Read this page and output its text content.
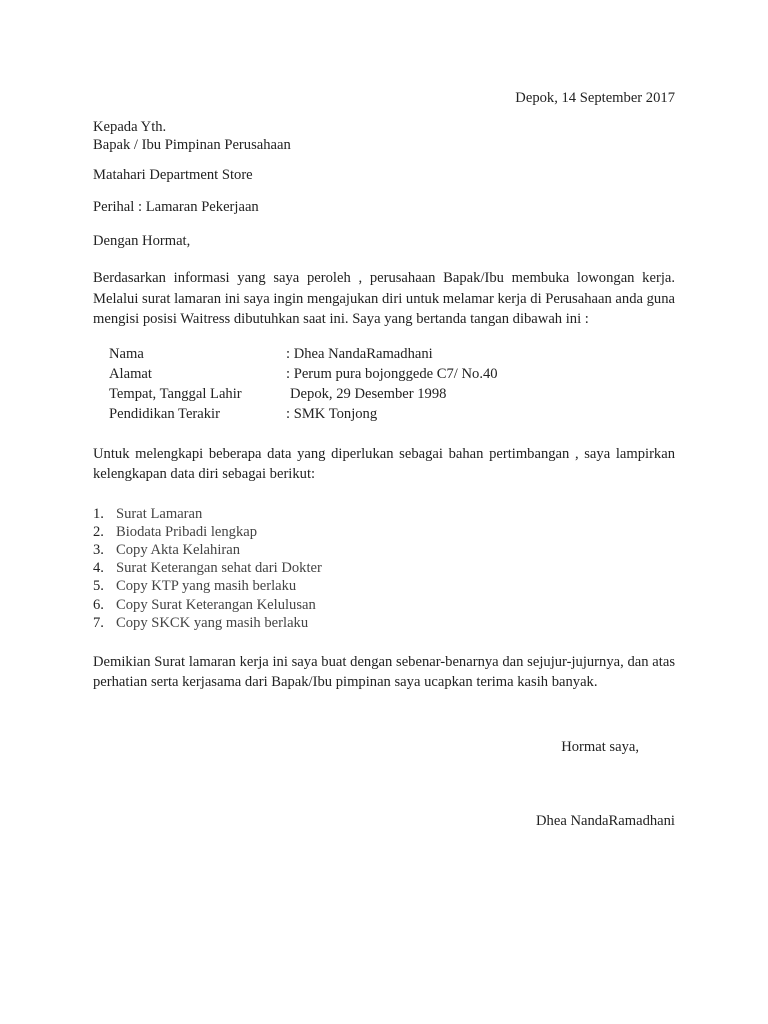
Depok, 14 September 2017

Kepada Yth.
Bapak / Ibu Pimpinan Perusahaan
Matahari Department Store
Perihal : Lamaran Pekerjaan
Dengan Hormat,

Berdasarkan informasi yang saya peroleh , perusahaan Bapak/Ibu membuka lowongan kerja. Melalui surat lamaran ini saya ingin mengajukan diri untuk melamar kerja di Perusahaan anda guna mengisi posisi Waitress dibutuhkan saat ini. Saya yang bertanda tangan dibawah ini :

Nama	: Dhea NandaRamadhani
Alamat	: Perum pura bojonggede C7/ No.40
Tempat, Tanggal Lahir	Depok, 29 Desember 1998
Pendidikan Terakir	: SMK Tonjong

Untuk melengkapi beberapa data yang diperlukan sebagai bahan pertimbangan , saya lampirkan kelengkapan data diri sebagai berikut:

1. Surat Lamaran
2. Biodata Pribadi lengkap
3. Copy Akta Kelahiran
4. Surat Keterangan sehat dari Dokter
5. Copy KTP yang masih berlaku
6. Copy Surat Keterangan Kelulusan
7. Copy SKCK yang masih berlaku

Demikian Surat lamaran kerja ini saya buat dengan sebenar-benarnya dan sejujur-jujurnya, dan atas perhatian serta kerjasama dari Bapak/Ibu pimpinan saya ucapkan terima kasih banyak.

Hormat saya,
Dhea NandaRamadhani
